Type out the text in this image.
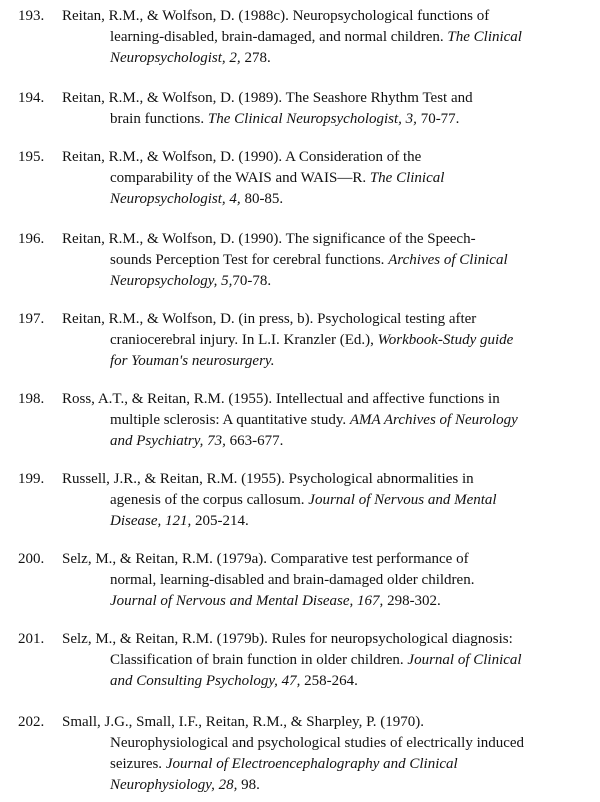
193.	Reitan, R.M., & Wolfson, D. (1988c). Neuropsychological functions of
learning-disabled, brain-damaged, and normal children. The Clinical
Neuropsychologist, 2, 278.
194.	Reitan, R.M., & Wolfson, D. (1989). The Seashore Rhythm Test and
brain functions. The Clinical Neuropsychologist, 3, 70-77.
195.	Reitan, R.M., & Wolfson, D. (1990). A Consideration of the
comparability of the WAIS and WAIS—R. The Clinical
Neuropsychologist, 4, 80-85.
196.	Reitan, R.M., & Wolfson, D. (1990). The significance of the Speech-
sounds Perception Test for cerebral functions. Archives of Clinical
Neuropsychology, 5,70-78.
197.	Reitan, R.M., & Wolfson, D. (in press, b). Psychological testing after
craniocerebral injury. In L.I. Kranzler (Ed.), Workbook-Study guide
for Youman's neurosurgery.
198.	Ross, A.T., & Reitan, R.M. (1955). Intellectual and affective functions in
multiple sclerosis: A quantitative study. AMA Archives of Neurology
and Psychiatry, 73, 663-677.
199.	Russell, J.R., & Reitan, R.M. (1955). Psychological abnormalities in
agenesis of the corpus callosum. Journal of Nervous and Mental
Disease, 121, 205-214.
200.	Selz, M., & Reitan, R.M. (1979a). Comparative test performance of
normal, learning-disabled and brain-damaged older children.
Journal of Nervous and Mental Disease, 167, 298-302.
201.	Selz, M., & Reitan, R.M. (1979b). Rules for neuropsychological diagnosis:
Classification of brain function in older children. Journal of Clinical
and Consulting Psychology, 47, 258-264.
202.	Small, J.G., Small, I.F., Reitan, R.M., & Sharpley, P. (1970).
Neurophysiological and psychological studies of electrically induced
seizures. Journal of Electroencephalography and Clinical
Neurophysiology, 28, 98.
